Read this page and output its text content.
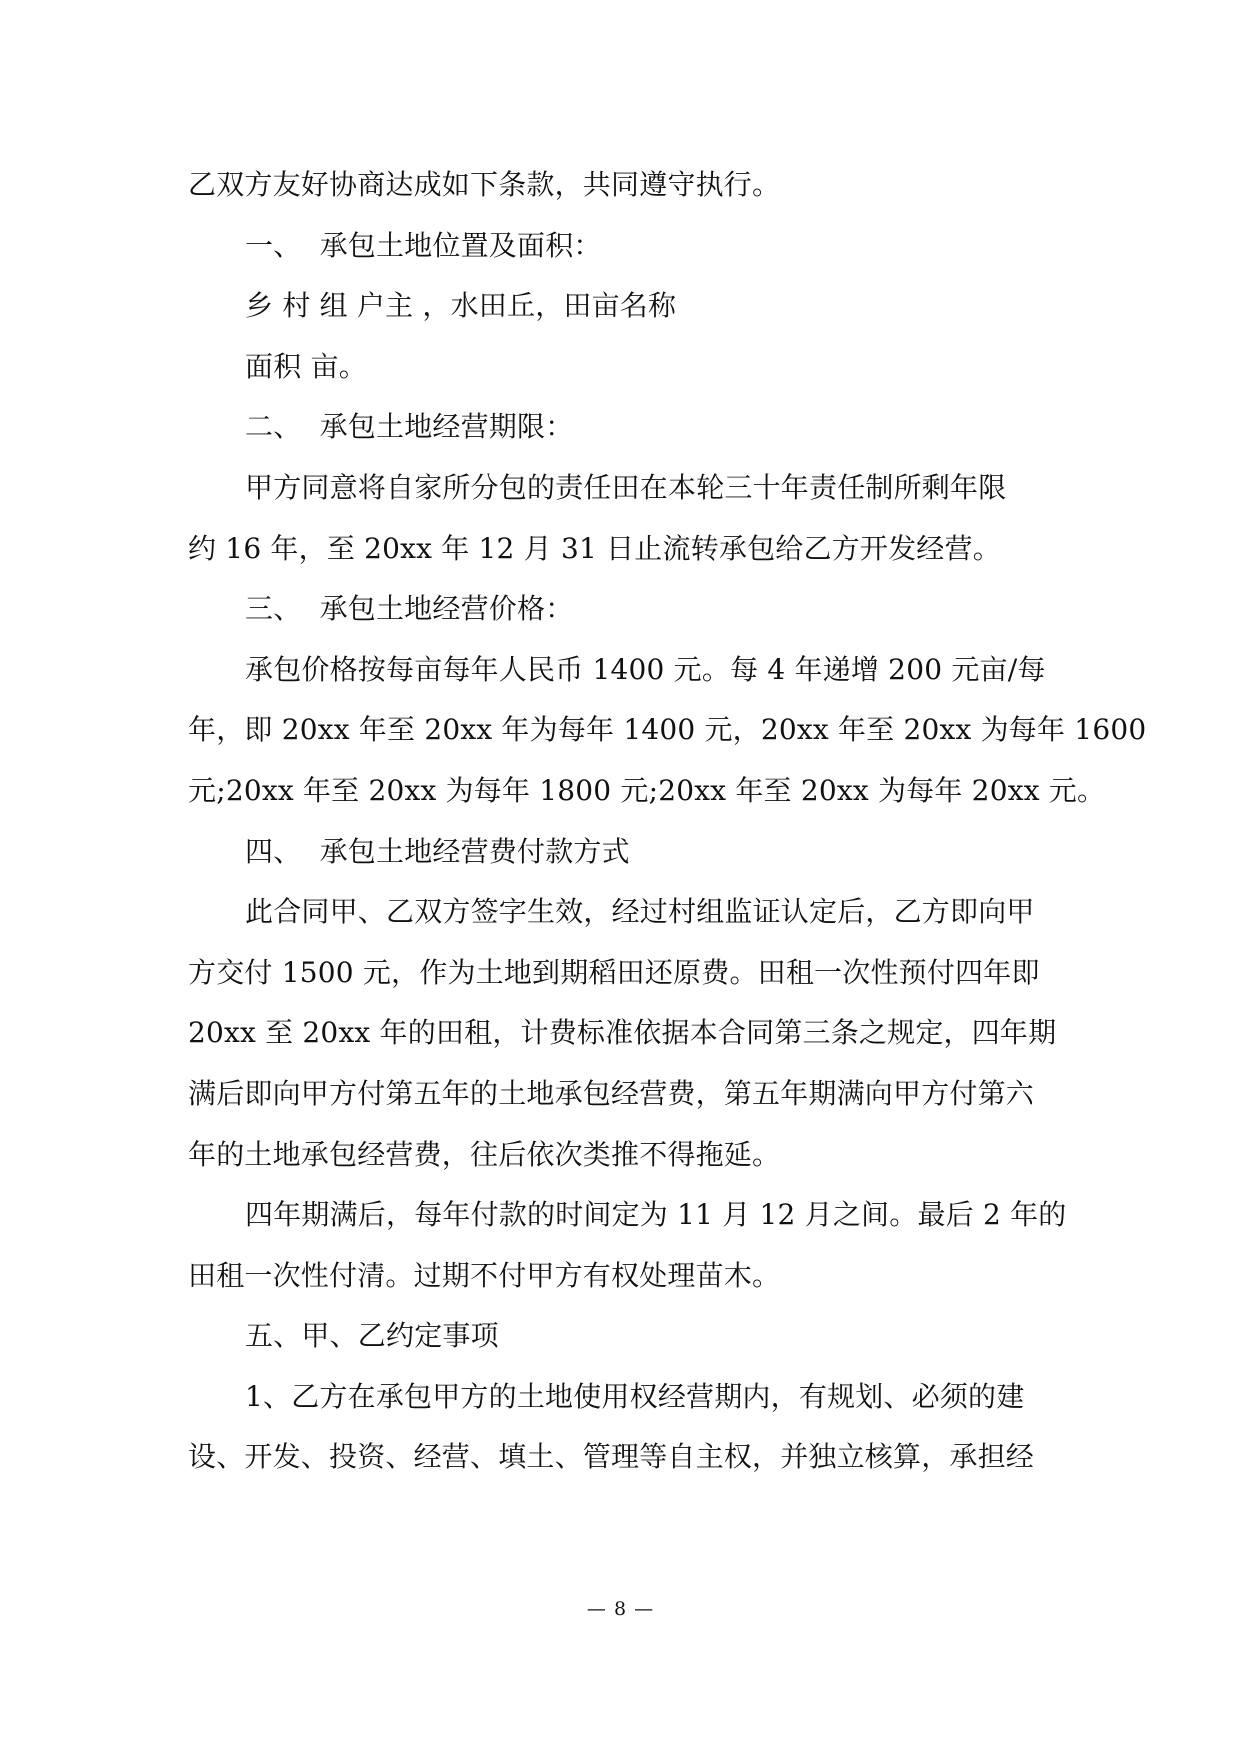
乙双方友好协商达成如下条款，共同遵守执行。
一、  承包土地位置及面积：
乡 村 组 户主 ，水田丘，田亩名称
面积 亩。
二、  承包土地经营期限：
甲方同意将自家所分包的责任田在本轮三十年责任制所剩年限
约 16 年，至 20xx 年 12 月 31 日止流转承包给乙方开发经营。
三、  承包土地经营价格：
承包价格按每亩每年人民币 1400 元。每 4 年递增 200 元亩/每
年，即 20xx 年至 20xx 年为每年 1400 元，20xx 年至 20xx 为每年 1600
元;20xx 年至 20xx 为每年 1800 元;20xx 年至 20xx 为每年 20xx 元。
四、  承包土地经营费付款方式
此合同甲、乙双方签字生效，经过村组监证认定后，乙方即向甲
方交付 1500 元，作为土地到期稻田还原费。田租一次性预付四年即
20xx 至 20xx 年的田租，计费标准依据本合同第三条之规定，四年期
满后即向甲方付第五年的土地承包经营费，第五年期满向甲方付第六
年的土地承包经营费，往后依次类推不得拖延。
四年期满后，每年付款的时间定为 11 月 12 月之间。最后 2 年的
田租一次性付清。过期不付甲方有权处理苗木。
五、甲、乙约定事项
1、乙方在承包甲方的土地使用权经营期内，有规划、必须的建
设、开发、投资、经营、填土、管理等自主权，并独立核算，承担经
— 8 —
